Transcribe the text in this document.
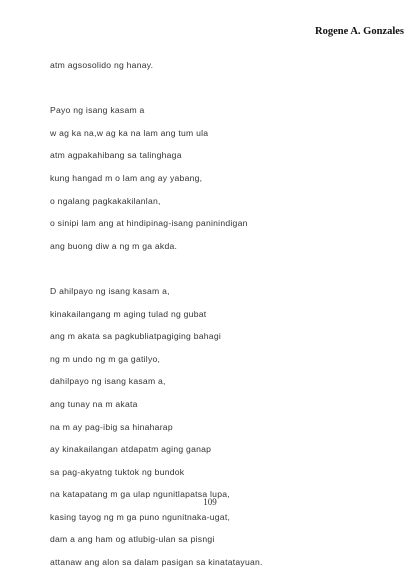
Rogene A. Gonzales
atm agsosolido ng hanay.
Payo ng isang kasam a
w ag ka na,w ag ka na lam ang tum ula
atm agpakahibang sa talinghaga
kung hangad m o lam ang ay yabang,
o ngalang pagkakakilanlan,
o sinipi lam ang at hindipinag-isang paninindigan
ang buong diw a ng m ga akda.
D ahilpayo ng isang kasam a,
kinakailangang m aging tulad ng gubat
ang m akata sa pagkubliatpagiging bahagi
ng m undo ng m ga gatilyo,
dahilpayo ng isang kasam a,
ang tunay na m akata
na m ay pag-ibig sa hinaharap
ay kinakailangan atdapatm aging ganap
sa pag-akyatng tuktok ng bundok
na katapatang m ga ulap ngunitlapatsa lupa,
kasing tayog ng m ga puno ngunitnaka-ugat,
dam a ang ham og atlubig-ulan sa pisngi
attanaw ang alon sa dalam pasigan sa kinatatayuan.
109
